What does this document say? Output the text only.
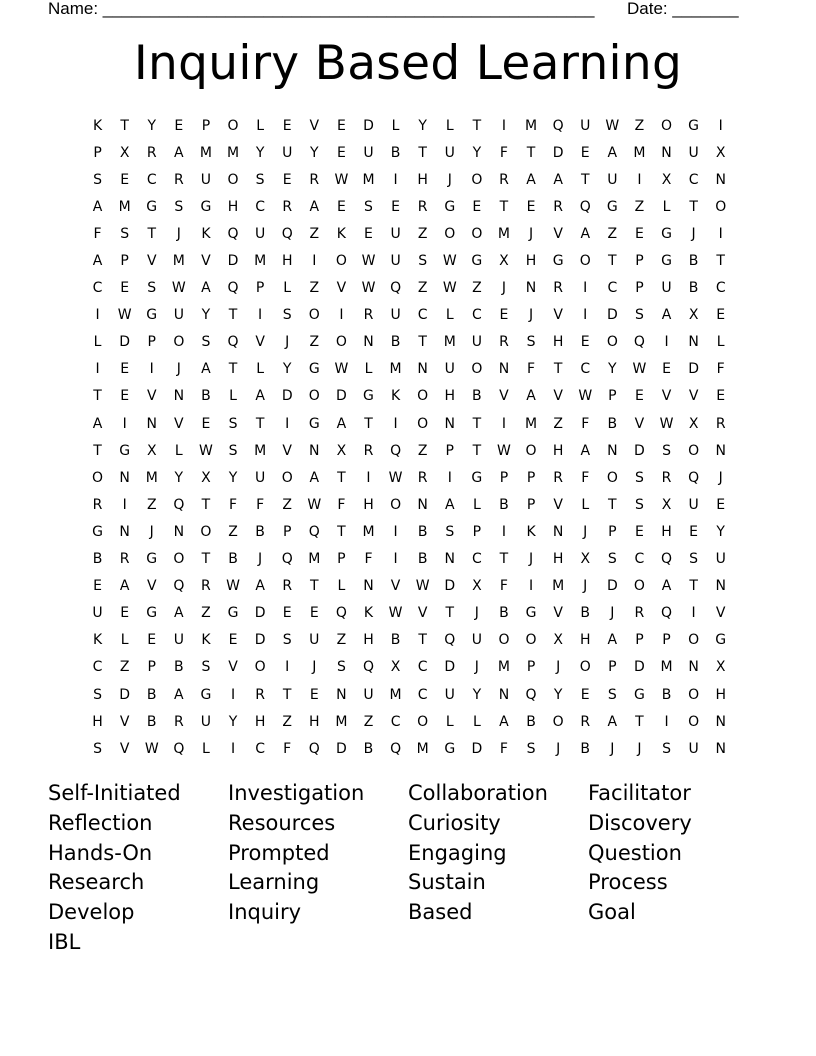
Name: ____________________________________________________ Date: _______
Inquiry Based Learning
K	T	Y	E	P	O	L	E	V	E	D	L	Y	L	T	I	M	Q	U	W	Z	O	G	I
P	X	R	A	M	M	Y	U	Y	E	U	B	T	U	Y	F	T	D	E	A	M	N	U	X
S	E	C	R	U	O	S	E	R	W	M	I	H	J	O	R	A	A	T	U	I	X	C	N
A	M	G	S	G	H	C	R	A	E	S	E	R	G	E	T	E	R	Q	G	Z	L	T	O
F	S	T	J	K	Q	U	Q	Z	K	E	U	Z	O	O	M	J	V	A	Z	E	G	J	I
A	P	V	M	V	D	M	H	I	O	W	U	S	W	G	X	H	G	O	T	P	G	B	T
C	E	S	W	A	Q	P	L	Z	V	W	Q	Z	W	Z	J	N	R	I	C	P	U	B	C
I	W	G	U	Y	T	I	S	O	I	R	U	C	L	C	E	J	V	I	D	S	A	X	E
L	D	P	O	S	Q	V	J	Z	O	N	B	T	M	U	R	S	H	E	O	Q	I	N	L
I	E	I	J	A	T	L	Y	G	W	L	M	N	U	O	N	F	T	C	Y	W	E	D	F
T	E	V	N	B	L	A	D	O	D	G	K	O	H	B	V	A	V	W	P	E	V	V	E
A	I	N	V	E	S	T	I	G	A	T	I	O	N	T	I	M	Z	F	B	V	W	X	R
T	G	X	L	W	S	M	V	N	X	R	Q	Z	P	T	W	O	H	A	N	D	S	O	N
O	N	M	Y	X	Y	U	O	A	T	I	W	R	I	G	P	P	R	F	O	S	R	Q	J
R	I	Z	Q	T	F	F	Z	W	F	H	O	N	A	L	B	P	V	L	T	S	X	U	E
G	N	J	N	O	Z	B	P	Q	T	M	I	B	S	P	I	K	N	J	P	E	H	E	Y
B	R	G	O	T	B	J	Q	M	P	F	I	B	N	C	T	J	H	X	S	C	Q	S	U
E	A	V	Q	R	W	A	R	T	L	N	V	W	D	X	F	I	M	J	D	O	A	T	N
U	E	G	A	Z	G	D	E	E	Q	K	W	V	T	J	B	G	V	B	J	R	Q	I	V
K	L	E	U	K	E	D	S	U	Z	H	B	T	Q	U	O	O	X	H	A	P	P	O	G
C	Z	P	B	S	V	O	I	J	S	Q	X	C	D	J	M	P	J	O	P	D	M	N	X
S	D	B	A	G	I	R	T	E	N	U	M	C	U	Y	N	Q	Y	E	S	G	B	O	H
H	V	B	R	U	Y	H	Z	H	M	Z	C	O	L	L	A	B	O	R	A	T	I	O	N
S	V	W	Q	L	I	C	F	Q	D	B	Q	M	G	D	F	S	J	B	J	J	S	U	N
Self-Initiated	Investigation	Collaboration	Facilitator
Reflection	Resources	Curiosity	Discovery
Hands-On	Prompted	Engaging	Question
Research	Learning	Sustain	Process
Develop	Inquiry	Based	Goal
IBL
